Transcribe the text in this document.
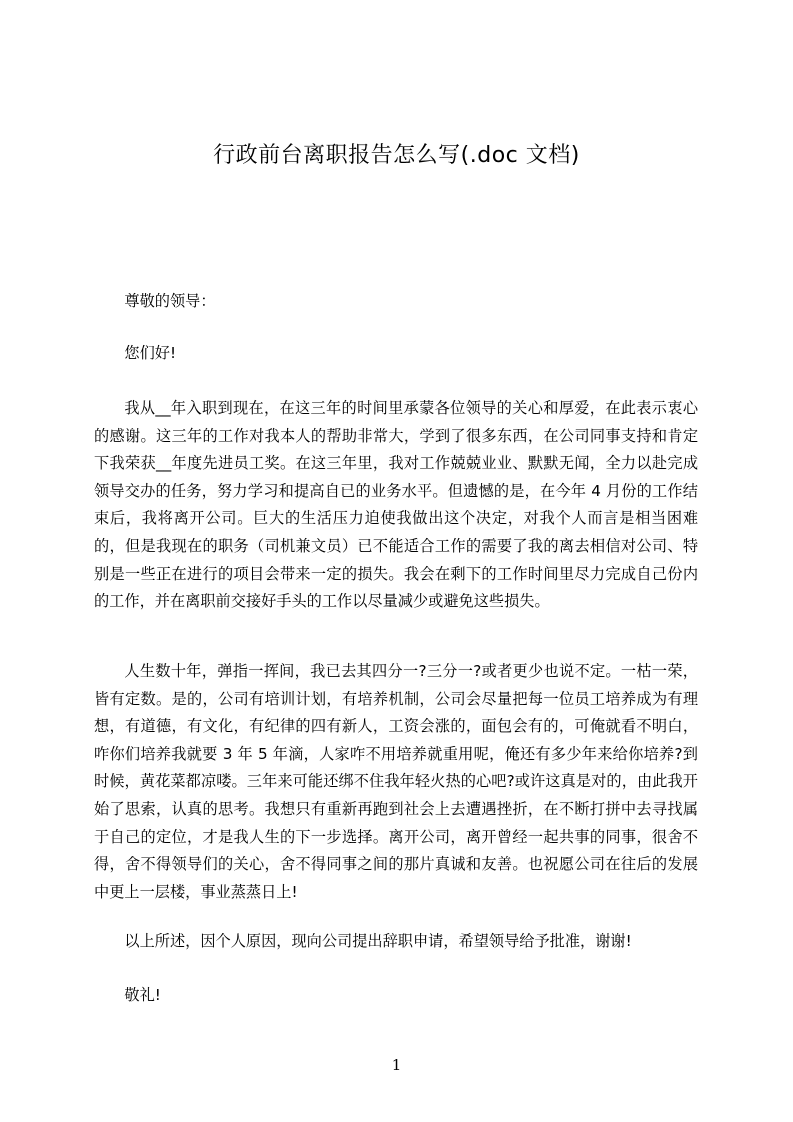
行政前台离职报告怎么写(.doc 文档)

尊敬的领导：

您们好!

我从__年入职到现在，在这三年的时间里承蒙各位领导的关心和厚爱，在此表示衷心的感谢。这三年的工作对我本人的帮助非常大，学到了很多东西，在公司同事支持和肯定下我荣获__年度先进员工奖。在这三年里，我对工作兢兢业业、默默无闻，全力以赴完成领导交办的任务，努力学习和提高自已的业务水平。但遗憾的是，在今年 4 月份的工作结束后，我将离开公司。巨大的生活压力迫使我做出这个决定，对我个人而言是相当困难的，但是我现在的职务（司机兼文员）已不能适合工作的需要了我的离去相信对公司、特别是一些正在进行的项目会带来一定的损失。我会在剩下的工作时间里尽力完成自己份内的工作，并在离职前交接好手头的工作以尽量减少或避免这些损失。

人生数十年，弹指一挥间，我已去其四分一?三分一?或者更少也说不定。一枯一荣，皆有定数。是的，公司有培训计划，有培养机制，公司会尽量把每一位员工培养成为有理想，有道德，有文化，有纪律的四有新人，工资会涨的，面包会有的，可俺就看不明白，咋你们培养我就要 3 年 5 年滴，人家咋不用培养就重用呢，俺还有多少年来给你培养?到时候，黄花菜都凉喽。三年来可能还绑不住我年轻火热的心吧?或许这真是对的，由此我开始了思索，认真的思考。我想只有重新再跑到社会上去遭遇挫折，在不断打拼中去寻找属于自己的定位，才是我人生的下一步选择。离开公司，离开曾经一起共事的同事，很舍不得，舍不得领导们的关心，舍不得同事之间的那片真诚和友善。也祝愿公司在往后的发展中更上一层楼，事业蒸蒸日上!

以上所述，因个人原因，现向公司提出辞职申请，希望领导给予批准，谢谢!

敬礼!

1
